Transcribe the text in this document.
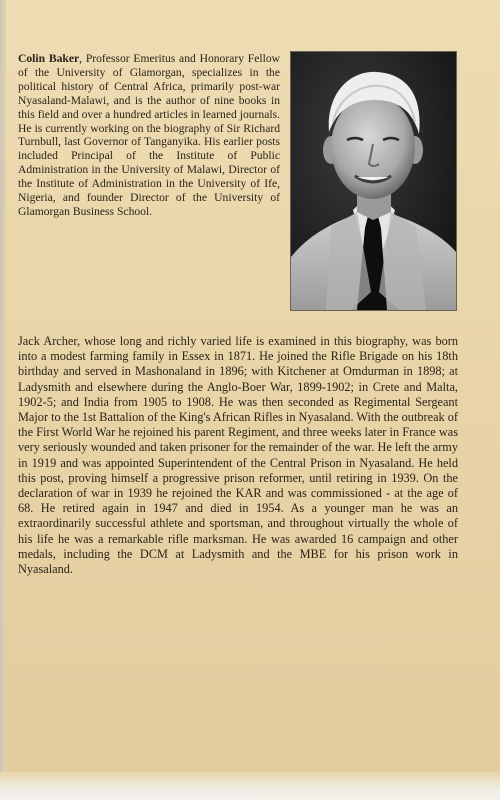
Colin Baker, Professor Emeritus and Honorary Fellow of the University of Glamorgan, specializes in the political history of Central Africa, primarily post-war Nyasaland-Malawi, and is the author of nine books in this field and over a hundred articles in learned journals. He is currently working on the biography of Sir Richard Turnbull, last Governor of Tanganyika. His earlier posts included Principal of the Institute of Public Administration in the University of Malawi, Director of the Institute of Administration in the University of Ife, Nigeria, and founder Director of the University of Glamorgan Business School.

Jack Archer, whose long and richly varied life is examined in this biography, was born into a modest farming family in Essex in 1871. He joined the Rifle Brigade on his 18th birthday and served in Mashonaland in 1896; with Kitchener at Omdurman in 1898; at Ladysmith and elsewhere during the Anglo-Boer War, 1899-1902; in Crete and Malta, 1902-5; and India from 1905 to 1908. He was then seconded as Regimental Sergeant Major to the 1st Battalion of the King's African Rifles in Nyasaland. With the outbreak of the First World War he rejoined his parent Regiment, and three weeks later in France was very seriously wounded and taken prisoner for the remainder of the war. He left the army in 1919 and was appointed Superintendent of the Central Prison in Nyasaland. He held this post, proving himself a progressive prison reformer, until retiring in 1939. On the declaration of war in 1939 he rejoined the KAR and was commissioned - at the age of 68. He retired again in 1947 and died in 1954. As a younger man he was an extraordinarily successful athlete and sportsman, and throughout virtually the whole of his life he was a remarkable rifle marksman. He was awarded 16 campaign and other medals, including the DCM at Ladysmith and the MBE for his prison work in Nyasaland.
